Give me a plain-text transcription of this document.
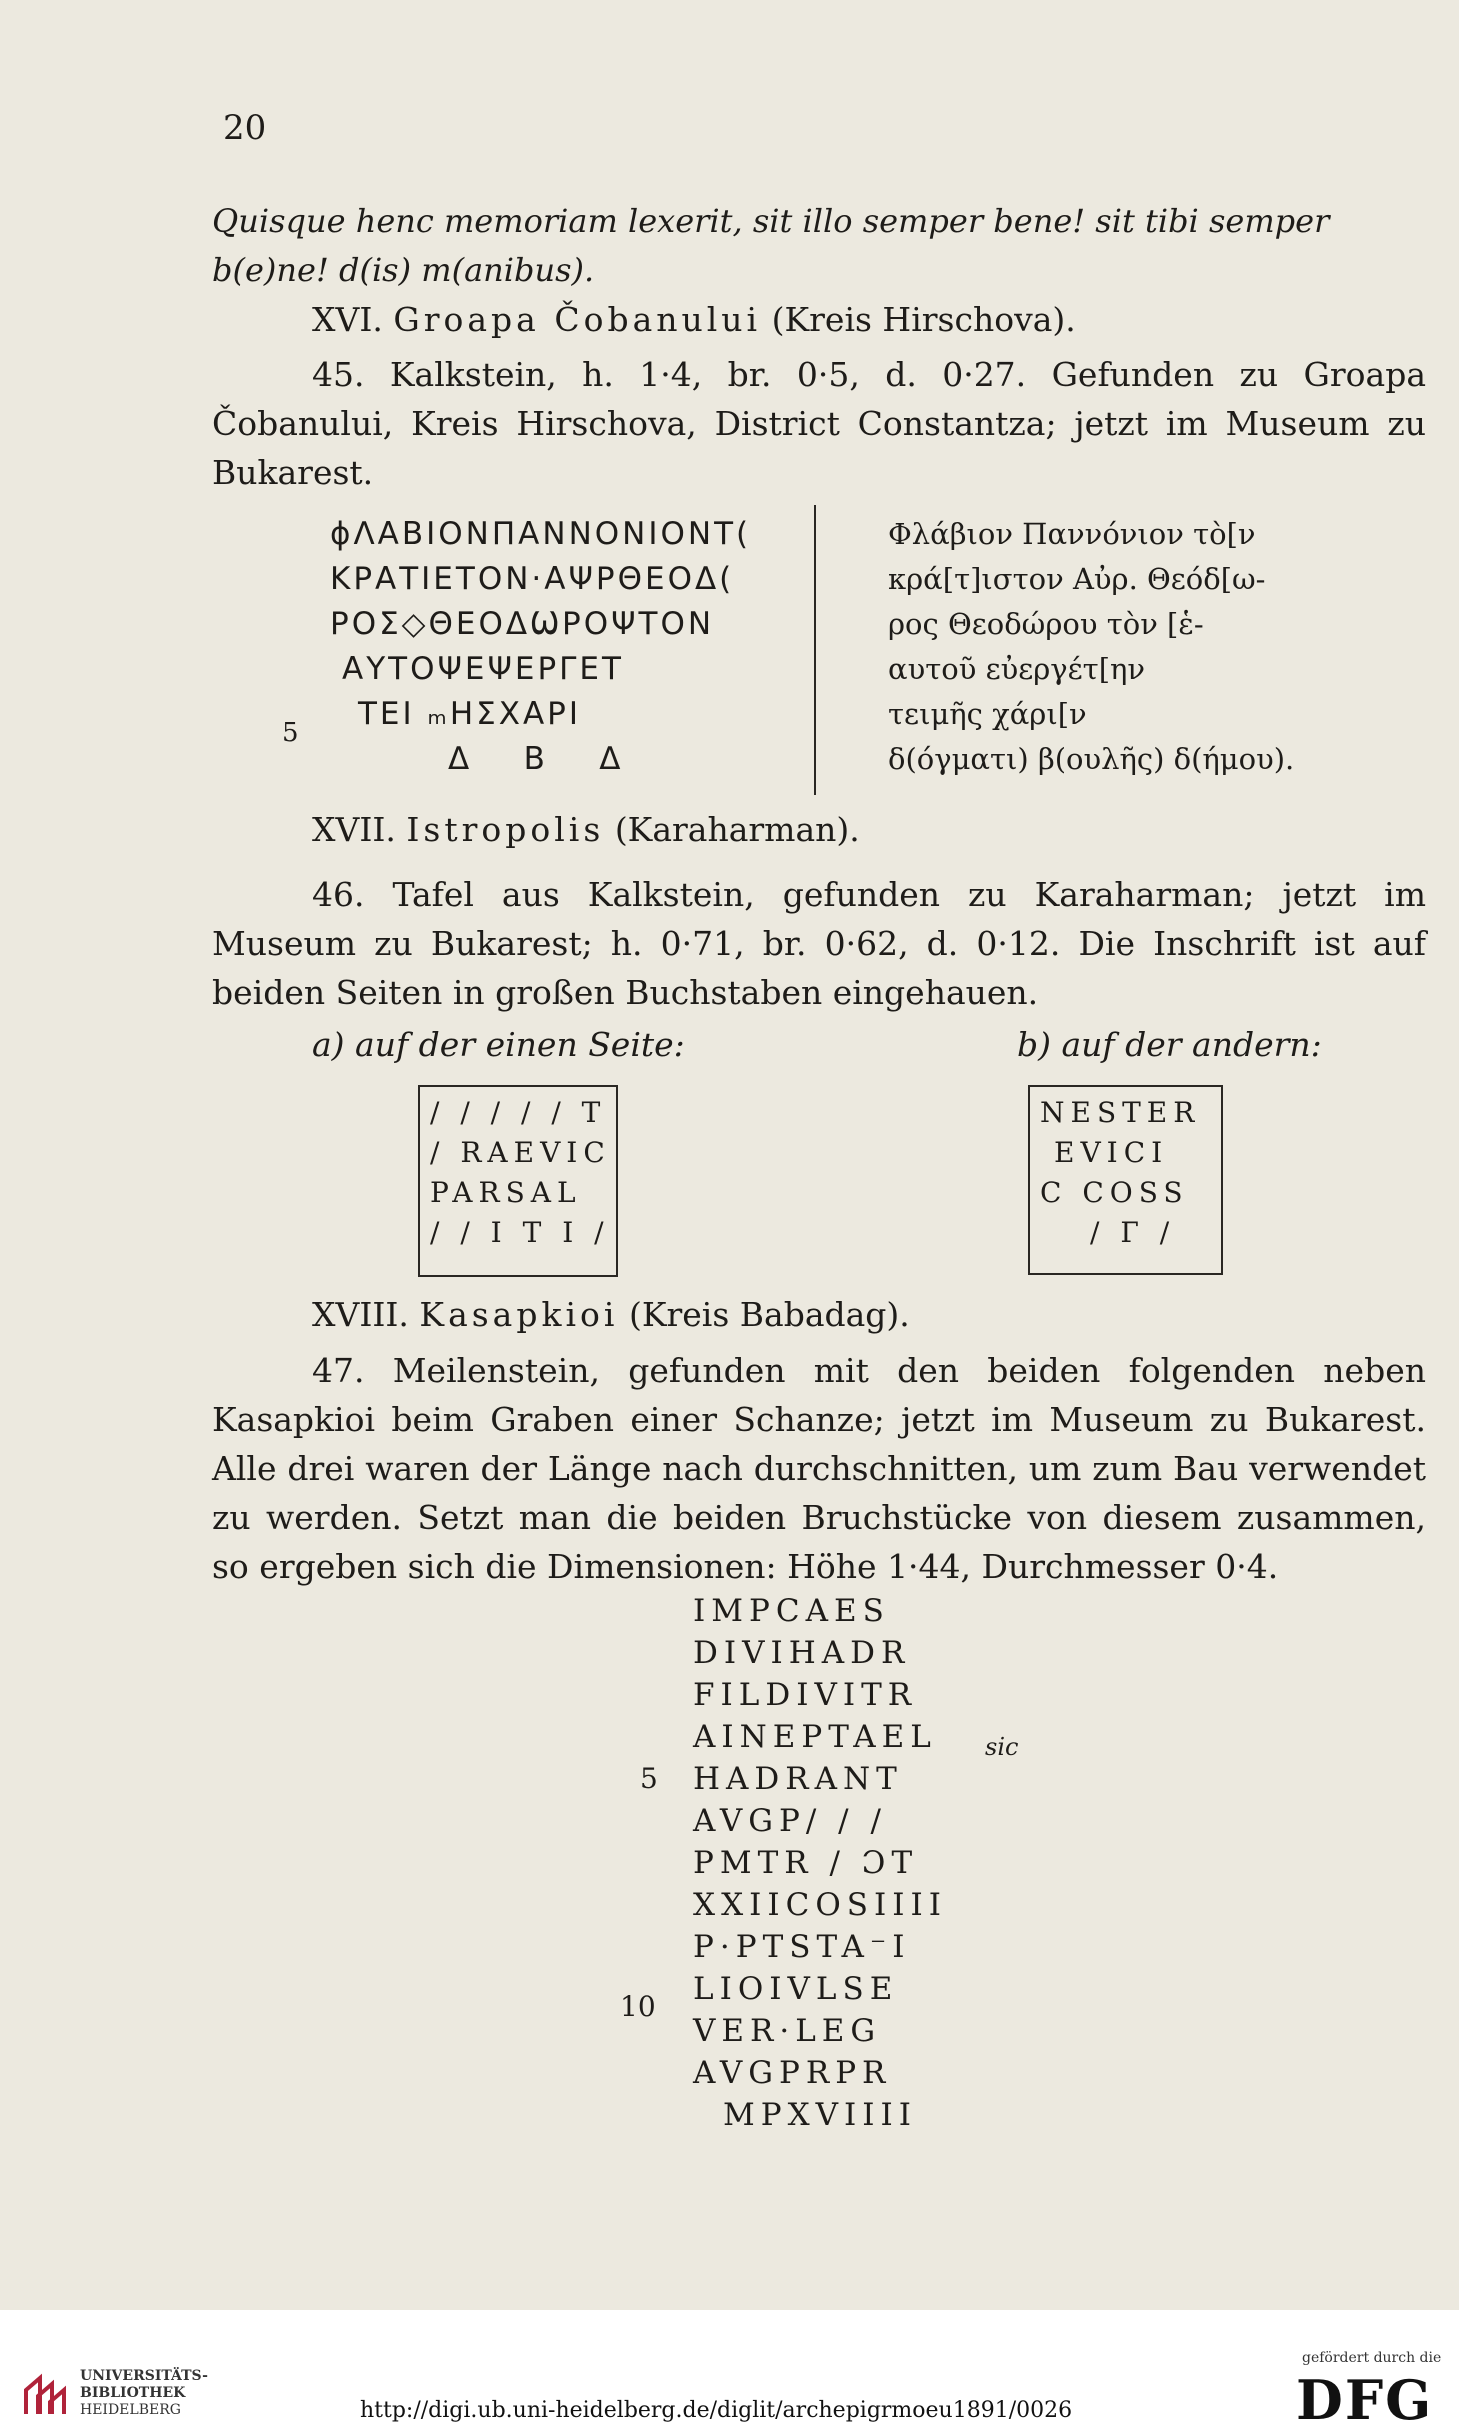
20
Quisque henc memoriam lexerit, sit illo semper bene! sit tibi semper
b(e)ne! d(is) m(anibus).
XVI. Groapa Čobanului (Kreis Hirschova).

45. Kalkstein, h. 1·4, br. 0·5, d. 0·27. Gefunden zu Groapa Čobanului, Kreis Hirschova, District Constantza; jetzt im Museum zu Bukarest.

ϕΛΑΒΙΟΝΠΑΝΝΟΝΙΟΝΤ(
ΚΡΑΤΙΕΤΟΝ·ΑΨΡΘΕΟΔ(
ΡΟΣ◇ΘΕΟΔѠΡΟΨΤΟΝ
ΑΥΤΟΨΕΨΕΡΓΕΤ
ΤΕΙ ₘΗΣΧΑΡΙ
Δ    Β    Δ
5
Φλάβιον Παννόνιον τὸ[ν
κρά[τ]ιστον Αὐρ. Θεόδ[ω-
ρος Θεοδώρου τὸν [ἑ-
αυτοῦ εὐεργέτ[ην
τειμῆς χάρι[ν
δ(όγματι) β(ουλῆς) δ(ήμου).
XVII. Istropolis (Karaharman).

46. Tafel aus Kalkstein, gefunden zu Karaharman; jetzt im Museum zu Bukarest; h. 0·71, br. 0·62, d. 0·12. Die Inschrift ist auf beiden Seiten in großen Buchstaben eingehauen.

a) auf der einen Seite:	b) auf der andern:
/ / / / / T
/ RAEVIC
PARSAL
/ / I T I /
NESTER
EVICI
C COSS
/ Г /
XVIII. Kasapkioi (Kreis Babadag).

47. Meilenstein, gefunden mit den beiden folgenden neben Kasapkioi beim Graben einer Schanze; jetzt im Museum zu Bukarest. Alle drei waren der Länge nach durchschnitten, um zum Bau verwendet zu werden. Setzt man die beiden Bruchstücke von diesem zusammen, so ergeben sich die Dimensionen: Höhe 1·44, Durchmesser 0·4.

IMPCAES
DIVIHADR
FILDIVITR
AINEPTAEL
HADRANT
AVGP/ / /
PMTR / ƆT
XXIICOSIIII
P·PTSTA⁻I
LIOIVLSE
VER·LEG
AVGPRPR
MPXVIIII
5
10
sic
UNIVERSITÄTS-
BIBLIOTHEK
HEIDELBERG	http://digi.ub.uni-heidelberg.de/diglit/archepigrmoeu1891/0026
gefördert durch die
DFG
